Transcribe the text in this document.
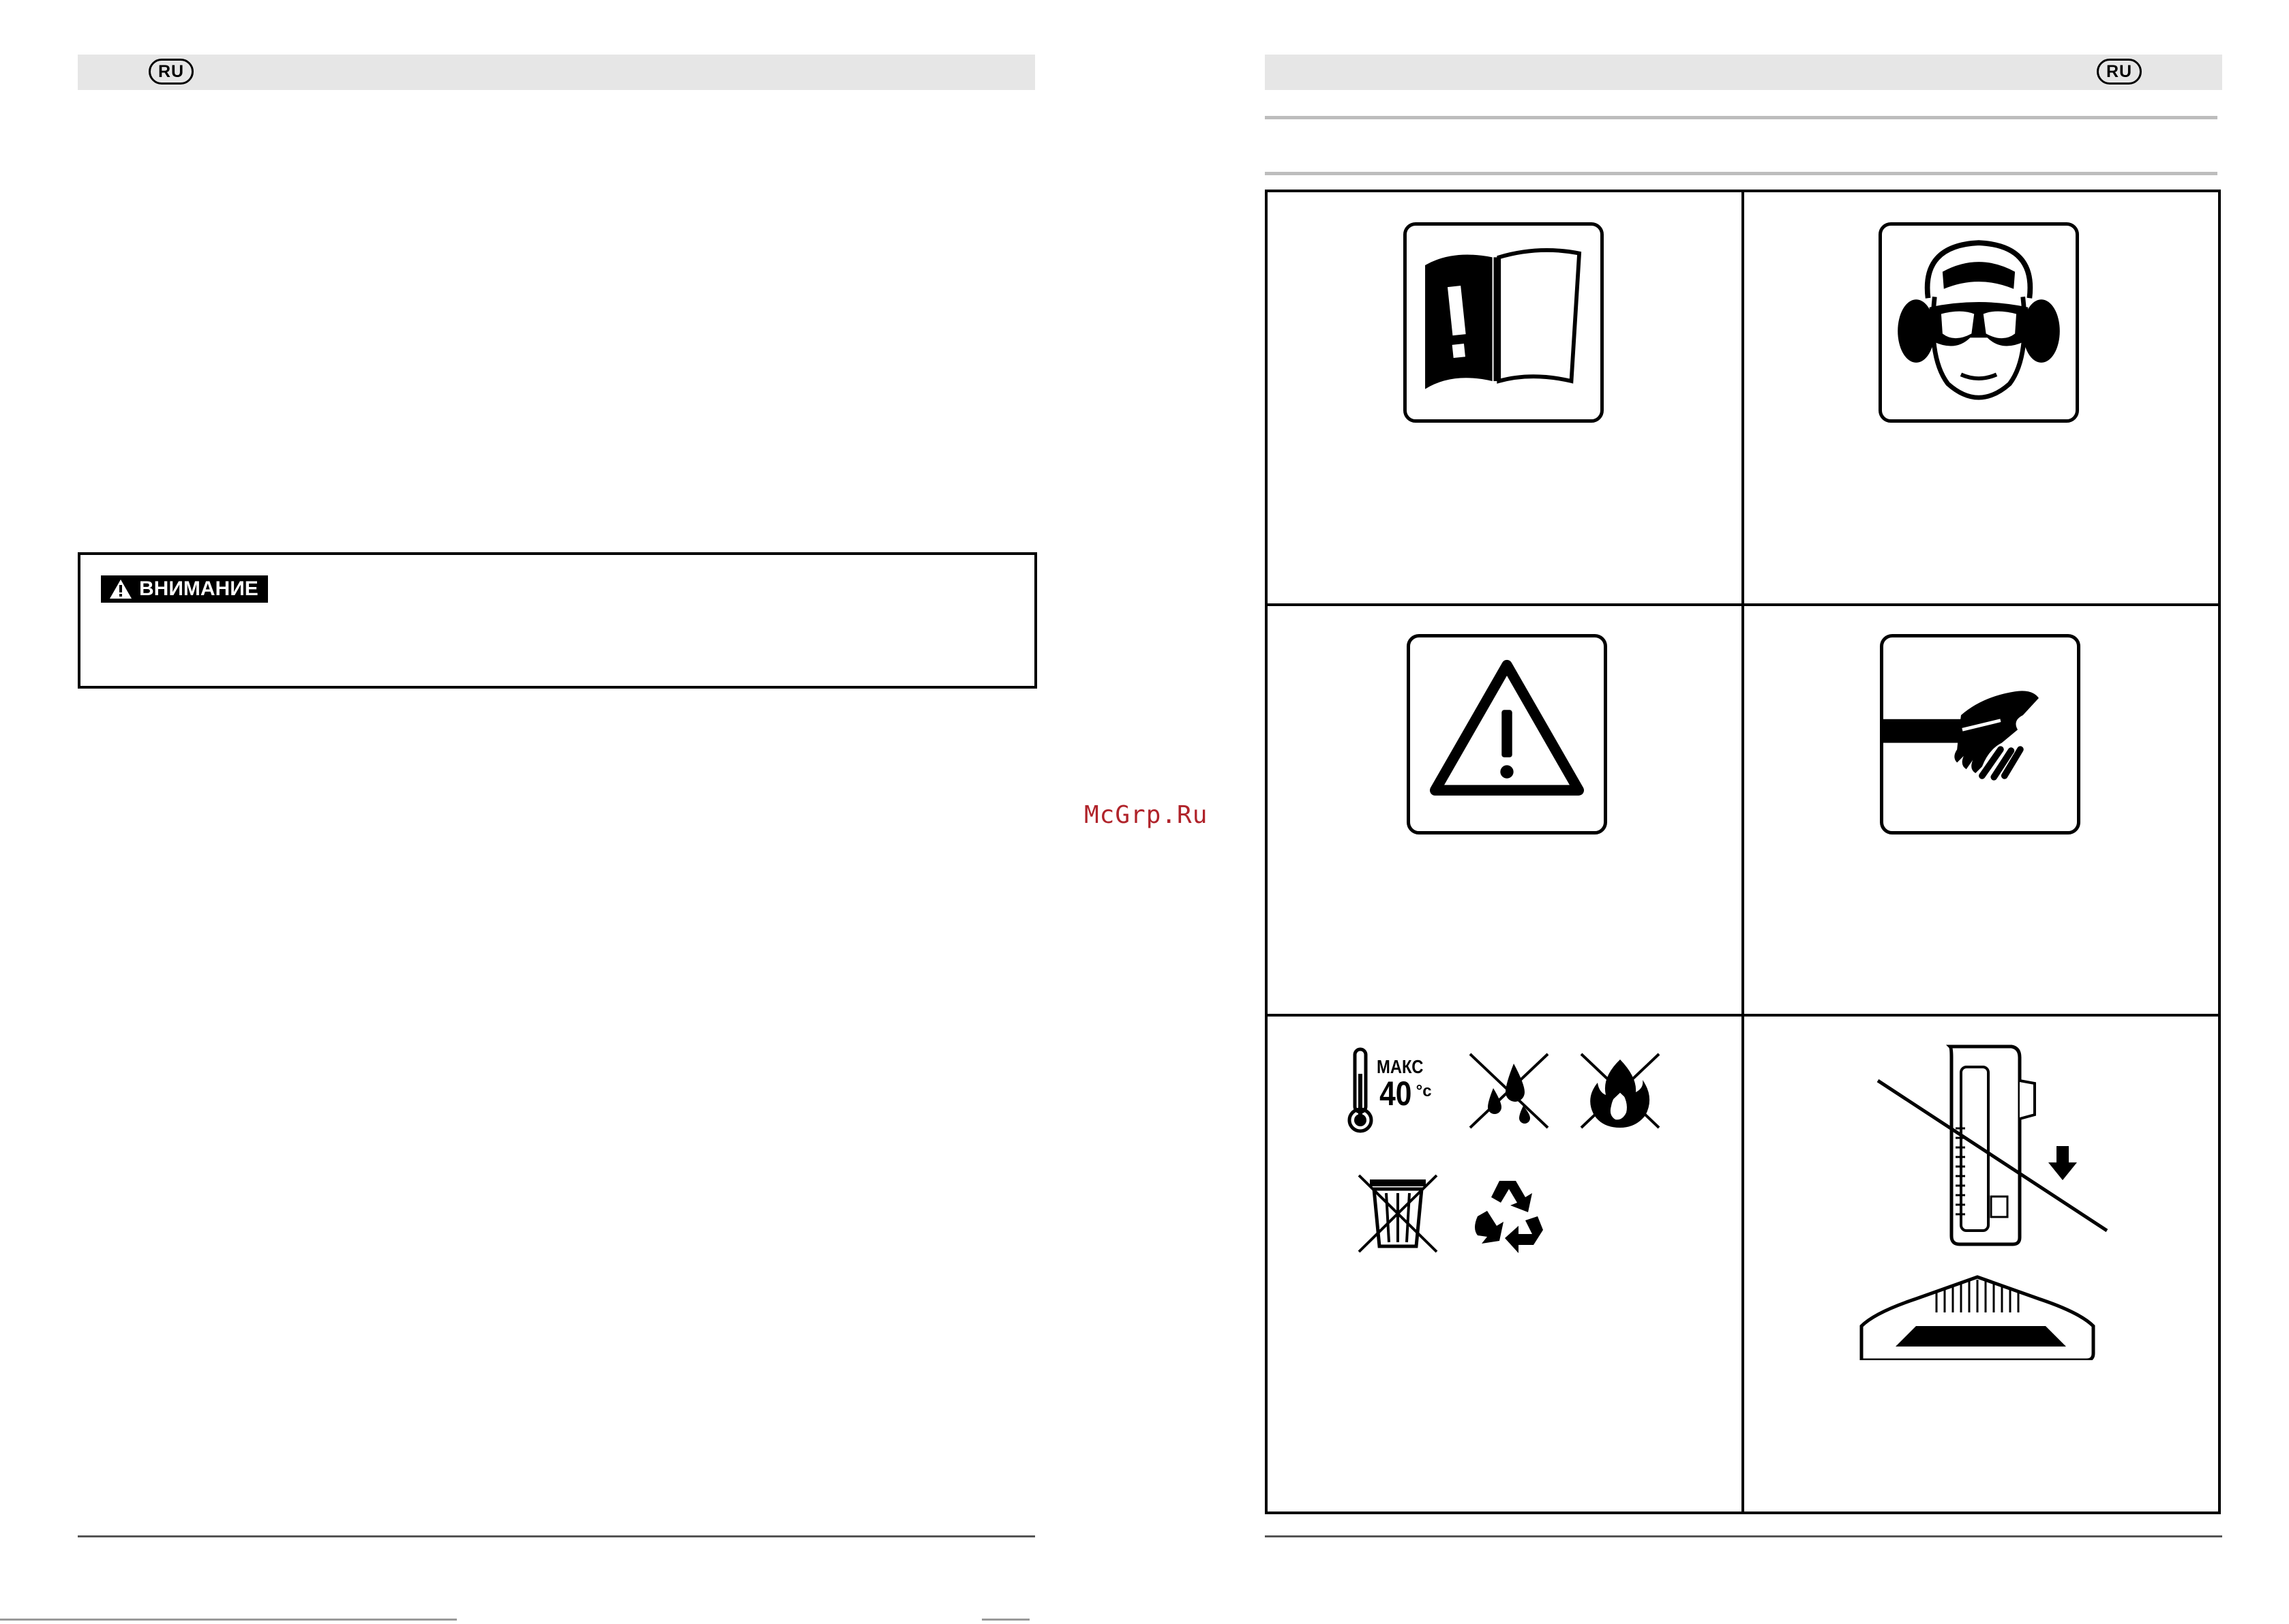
RU
ВНИМАНИЕ
McGrp.Ru
RU
МАКС
40 °c
